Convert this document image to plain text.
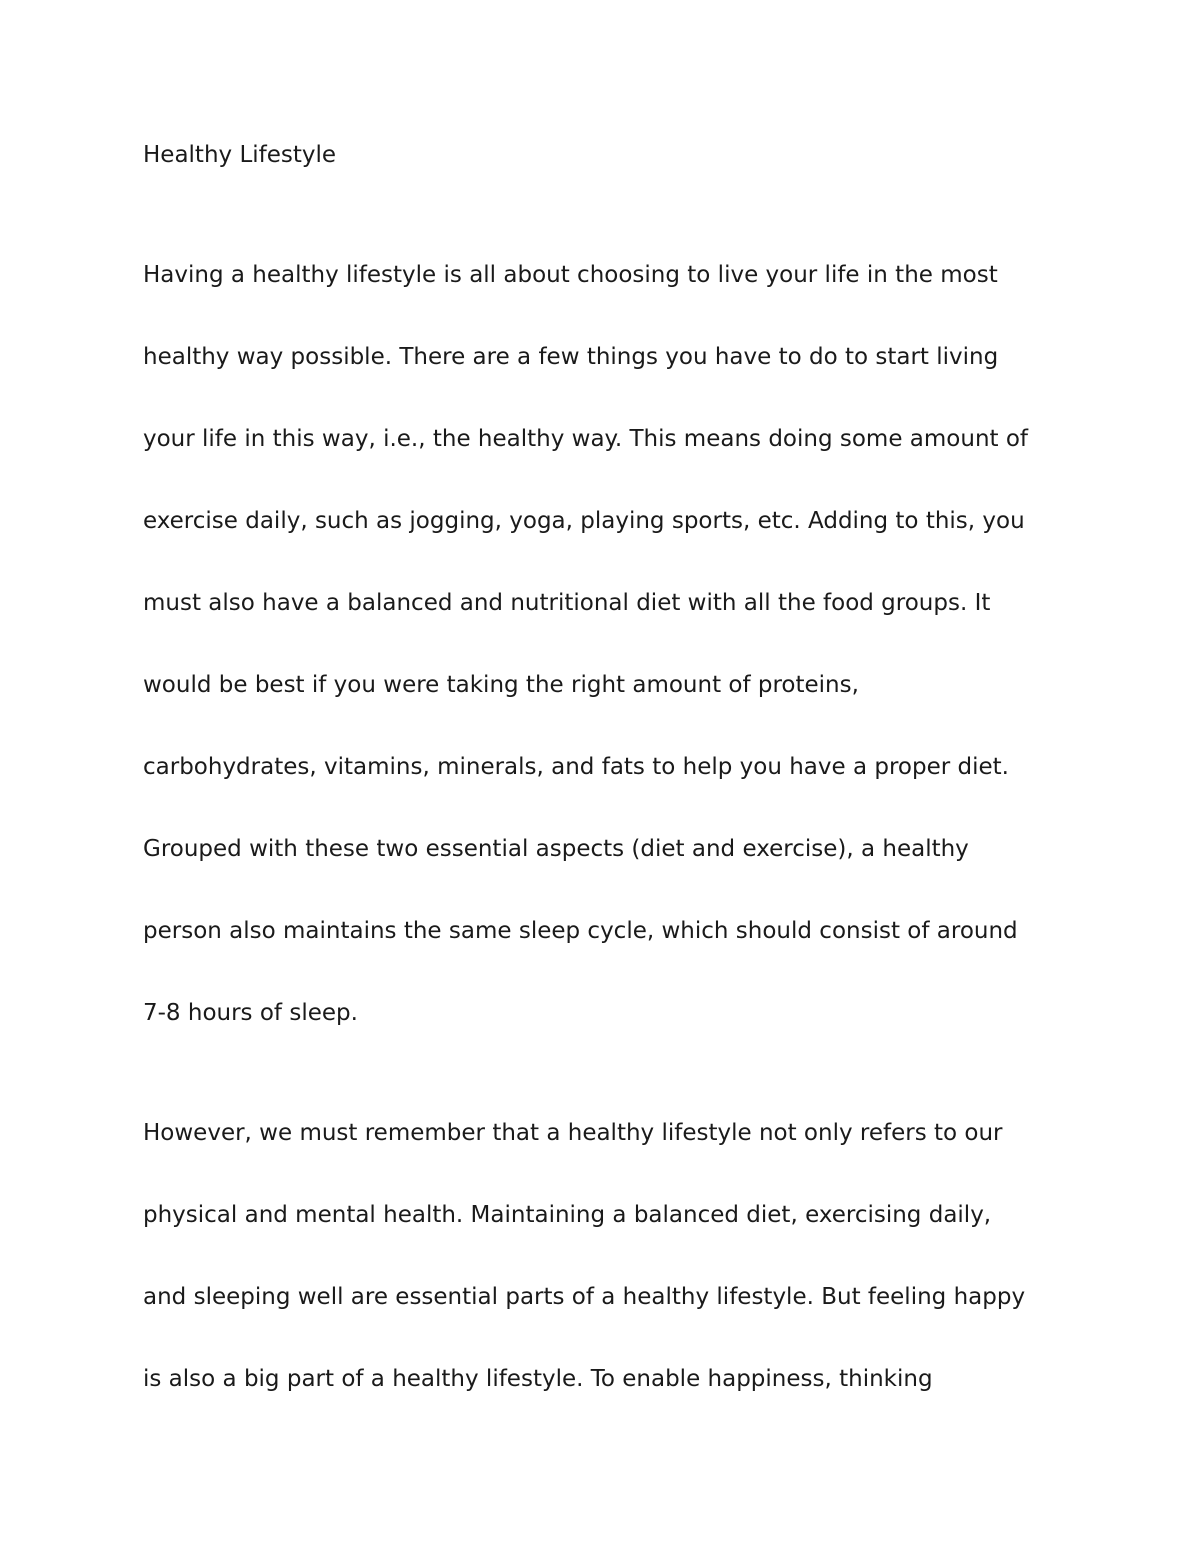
Healthy Lifestyle
Having a healthy lifestyle is all about choosing to live your life in the most
healthy way possible. There are a few things you have to do to start living
your life in this way, i.e., the healthy way. This means doing some amount of
exercise daily, such as jogging, yoga, playing sports, etc. Adding to this, you
must also have a balanced and nutritional diet with all the food groups. It
would be best if you were taking the right amount of proteins,
carbohydrates, vitamins, minerals, and fats to help you have a proper diet.
Grouped with these two essential aspects (diet and exercise), a healthy
person also maintains the same sleep cycle, which should consist of around
7-8 hours of sleep.
However, we must remember that a healthy lifestyle not only refers to our
physical and mental health. Maintaining a balanced diet, exercising daily,
and sleeping well are essential parts of a healthy lifestyle. But feeling happy
is also a big part of a healthy lifestyle. To enable happiness, thinking
